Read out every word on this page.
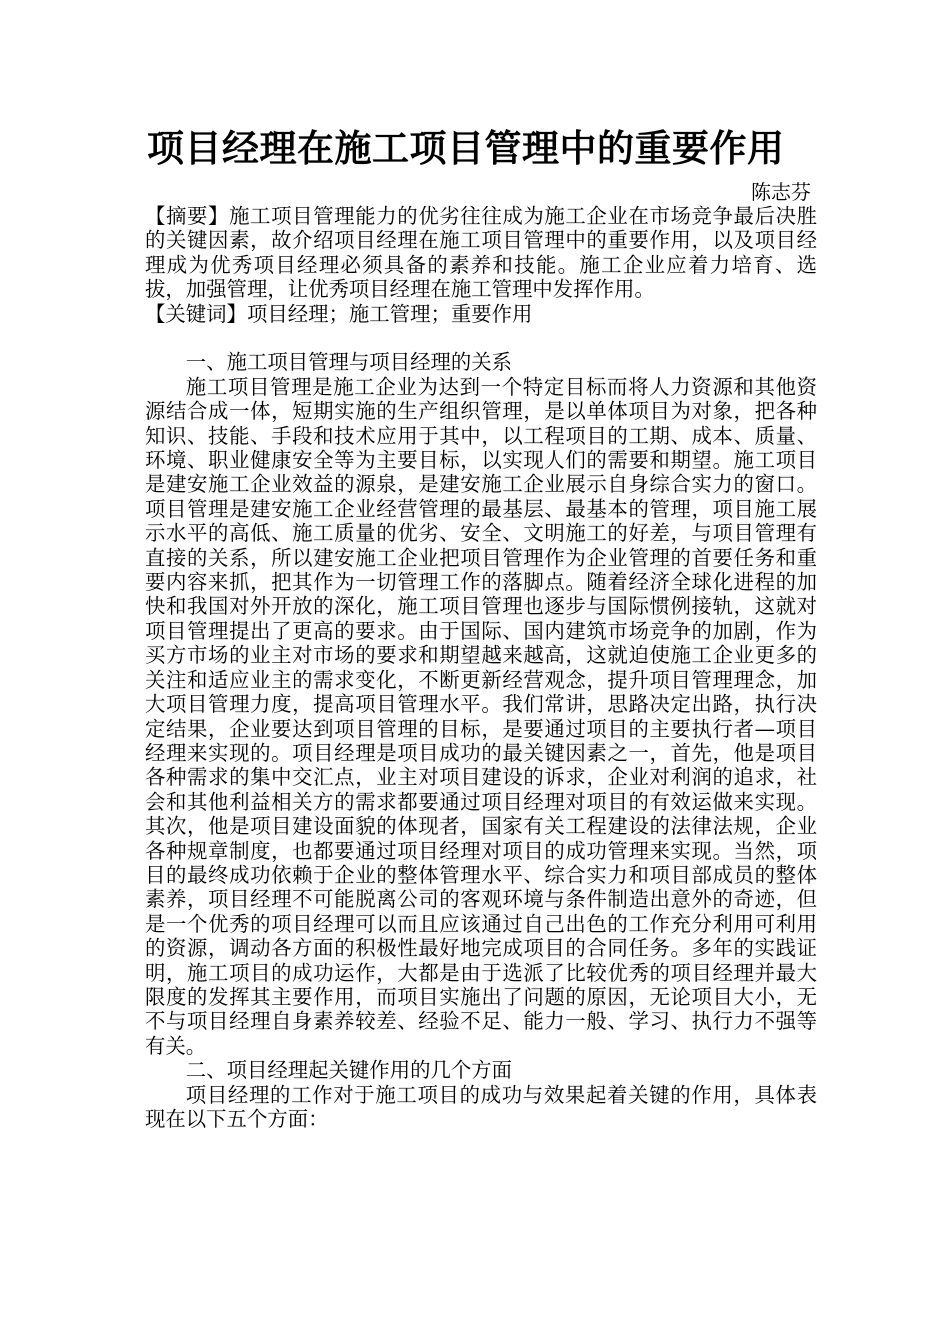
项目经理在施工项目管理中的重要作用

陈志芬

【摘要】施工项目管理能力的优劣往往成为施工企业在市场竞争最后决胜的关键因素，故介绍项目经理在施工项目管理中的重要作用，以及项目经理成为优秀项目经理必须具备的素养和技能。施工企业应着力培育、选拔，加强管理，让优秀项目经理在施工管理中发挥作用。

【关键词】项目经理；施工管理；重要作用

一、施工项目管理与项目经理的关系

施工项目管理是施工企业为达到一个特定目标而将人力资源和其他资源结合成一体，短期实施的生产组织管理，是以单体项目为对象，把各种知识、技能、手段和技术应用于其中，以工程项目的工期、成本、质量、环境、职业健康安全等为主要目标，以实现人们的需要和期望。施工项目是建安施工企业效益的源泉，是建安施工企业展示自身综合实力的窗口。项目管理是建安施工企业经营管理的最基层、最基本的管理，项目施工展示水平的高低、施工质量的优劣、安全、文明施工的好差，与项目管理有直接的关系，所以建安施工企业把项目管理作为企业管理的首要任务和重要内容来抓，把其作为一切管理工作的落脚点。随着经济全球化进程的加快和我国对外开放的深化，施工项目管理也逐步与国际惯例接轨，这就对项目管理提出了更高的要求。由于国际、国内建筑市场竞争的加剧，作为买方市场的业主对市场的要求和期望越来越高，这就迫使施工企业更多的关注和适应业主的需求变化，不断更新经营观念，提升项目管理理念，加大项目管理力度，提高项目管理水平。我们常讲，思路决定出路，执行决定结果，企业要达到项目管理的目标，是要通过项目的主要执行者—项目经理来实现的。项目经理是项目成功的最关键因素之一，首先，他是项目各种需求的集中交汇点，业主对项目建设的诉求，企业对利润的追求，社会和其他利益相关方的需求都要通过项目经理对项目的有效运做来实现。其次，他是项目建设面貌的体现者，国家有关工程建设的法律法规，企业各种规章制度，也都要通过项目经理对项目的成功管理来实现。当然，项目的最终成功依赖于企业的整体管理水平、综合实力和项目部成员的整体素养，项目经理不可能脱离公司的客观环境与条件制造出意外的奇迹，但是一个优秀的项目经理可以而且应该通过自己出色的工作充分利用可利用的资源，调动各方面的积极性最好地完成项目的合同任务。多年的实践证明，施工项目的成功运作，大都是由于选派了比较优秀的项目经理并最大限度的发挥其主要作用，而项目实施出了问题的原因，无论项目大小，无不与项目经理自身素养较差、经验不足、能力一般、学习、执行力不强等有关。

二、项目经理起关键作用的几个方面

项目经理的工作对于施工项目的成功与效果起着关键的作用，具体表现在以下五个方面：
